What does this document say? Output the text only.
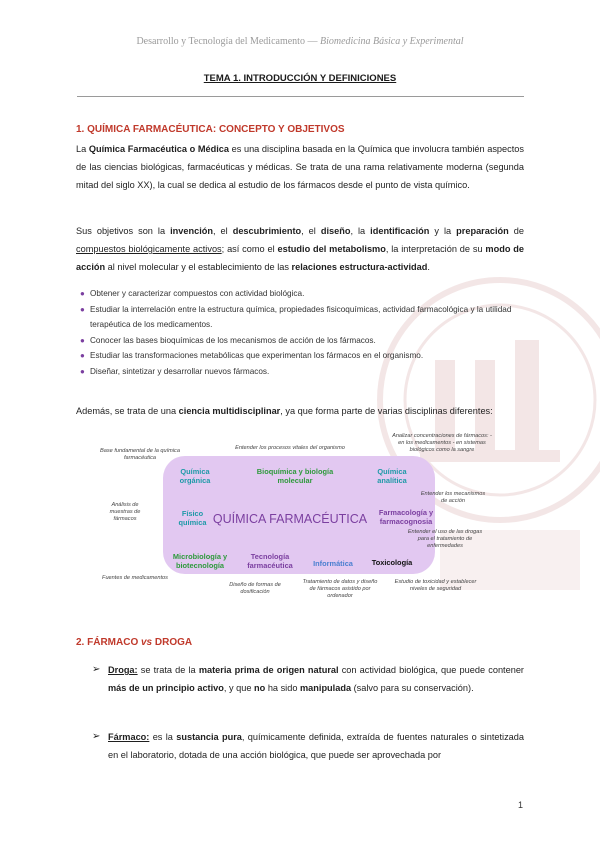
Desarrollo y Tecnología del Medicamento — Biomedicina Básica y Experimental
TEMA 1. INTRODUCCIÓN Y DEFINICIONES
1. QUÍMICA FARMACÉUTICA: CONCEPTO Y OBJETIVOS
La Química Farmacéutica o Médica es una disciplina basada en la Química que involucra también aspectos de las ciencias biológicas, farmacéuticas y médicas. Se trata de una rama relativamente moderna (segunda mitad del siglo XX), la cual se dedica al estudio de los fármacos desde el punto de vista químico.
Sus objetivos son la invención, el descubrimiento, el diseño, la identificación y la preparación de compuestos biológicamente activos; así como el estudio del metabolismo, la interpretación de su modo de acción al nivel molecular y el establecimiento de las relaciones estructura-actividad.
● Obtener y caracterizar compuestos con actividad biológica.
● Estudiar la interrelación entre la estructura química, propiedades fisicoquímicas, actividad farmacológica y la utilidad terapéutica de los medicamentos.
● Conocer las bases bioquímicas de los mecanismos de acción de los fármacos.
● Estudiar las transformaciones metabólicas que experimentan los fármacos en el organismo.
● Diseñar, sintetizar y desarrollar nuevos fármacos.
Además, se trata de una ciencia multidisciplinar, ya que forma parte de varias disciplinas diferentes:
Química orgánica
Bioquímica y biología molecular
Química analítica
Físico química QUÍMICA FARMACÉUTICA	Farmacología y farmacognosia
Microbiología y biotecnología
Tecnología farmacéutica	Informática	Toxicología
Base fundamental de la química farmacéutica
Entender los procesos vitales del organismo
Analizar concentraciones de fármacos: - en los medicamentos - en sistemas biológicos como la sangre
Análisis de muestras de fármacos
Entender los mecanismos de acción
Entender el uso de las drogas para el tratamiento de enfermedades
Fuentes de medicamentos
Diseño de formas de dosificación
Tratamiento de datos y diseño de fármacos asistido por ordenador
Estudio de toxicidad y establecer niveles de seguridad
2. FÁRMACO vs DROGA
➢ Droga: se trata de la materia prima de origen natural con actividad biológica, que puede contener más de un principio activo, y que no ha sido manipulada (salvo para su conservación).
➢ Fármaco: es la sustancia pura, químicamente definida, extraída de fuentes naturales o sintetizada en el laboratorio, dotada de una acción biológica, que puede ser aprovechada por
1
